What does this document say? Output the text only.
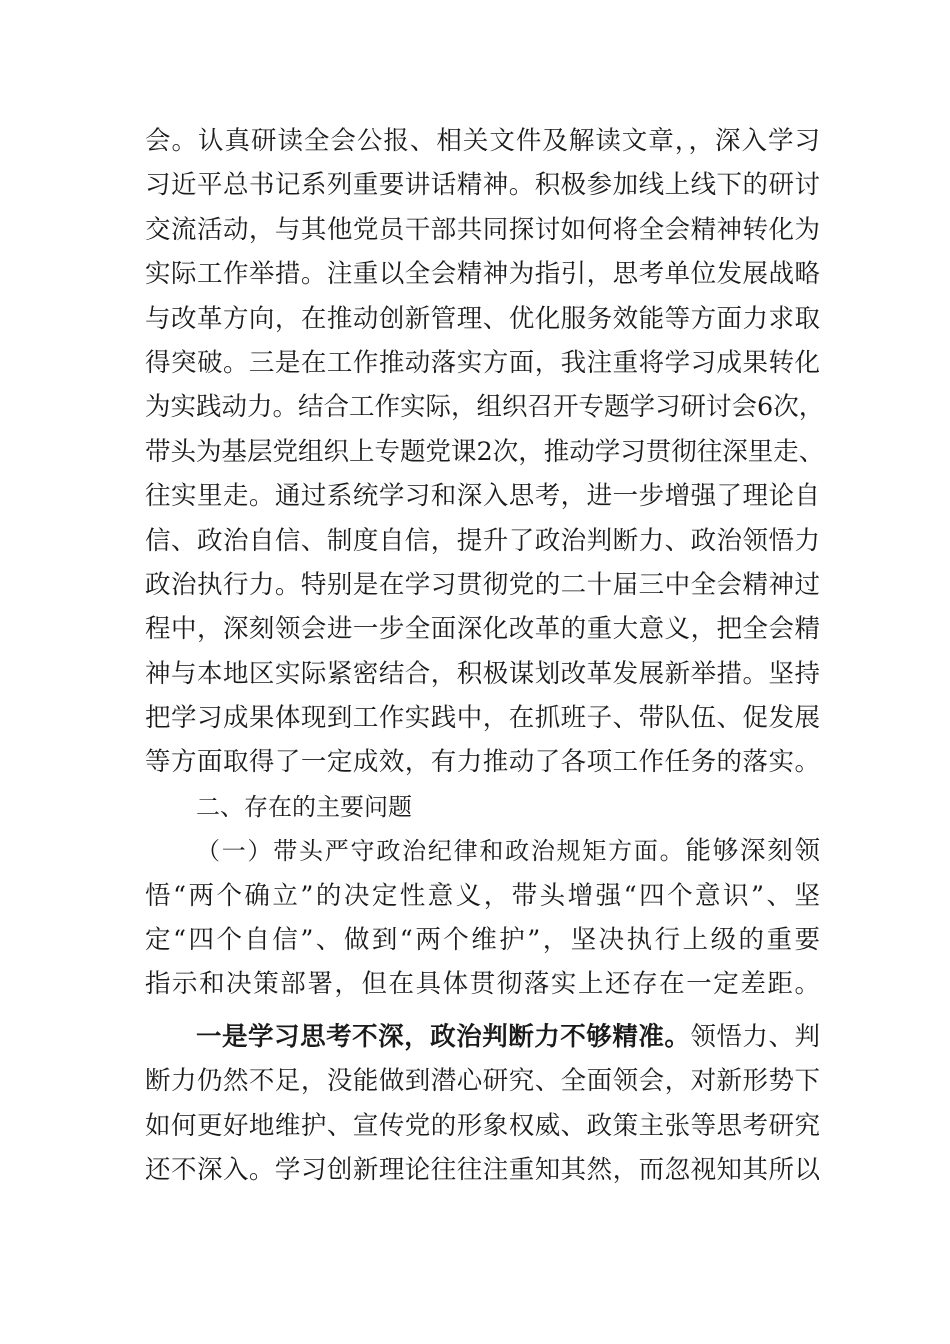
会。认真研读全会公报、相关文件及解读文章，，深入学习
习近平总书记系列重要讲话精神。积极参加线上线下的研讨
交流活动，与其他党员干部共同探讨如何将全会精神转化为
实际工作举措。注重以全会精神为指引，思考单位发展战略
与改革方向，在推动创新管理、优化服务效能等方面力求取
得突破。三是在工作推动落实方面，我注重将学习成果转化
为实践动力。结合工作实际，组织召开专题学习研讨会6次，
带头为基层党组织上专题党课2次，推动学习贯彻往深里走、
往实里走。通过系统学习和深入思考，进一步增强了理论自
信、政治自信、制度自信，提升了政治判断力、政治领悟力
政治执行力。特别是在学习贯彻党的二十届三中全会精神过
程中，深刻领会进一步全面深化改革的重大意义，把全会精
神与本地区实际紧密结合，积极谋划改革发展新举措。坚持
把学习成果体现到工作实践中，在抓班子、带队伍、促发展
等方面取得了一定成效，有力推动了各项工作任务的落实。
二、存在的主要问题
（一）带头严守政治纪律和政治规矩方面。能够深刻领
悟“两个确立”的决定性意义，带头增强“四个意识”、坚
定“四个自信”、做到“两个维护”，坚决执行上级的重要
指示和决策部署，但在具体贯彻落实上还存在一定差距。
一是学习思考不深，政治判断力不够精准。领悟力、判
断力仍然不足，没能做到潜心研究、全面领会，对新形势下
如何更好地维护、宣传党的形象权威、政策主张等思考研究
还不深入。学习创新理论往往注重知其然，而忽视知其所以
